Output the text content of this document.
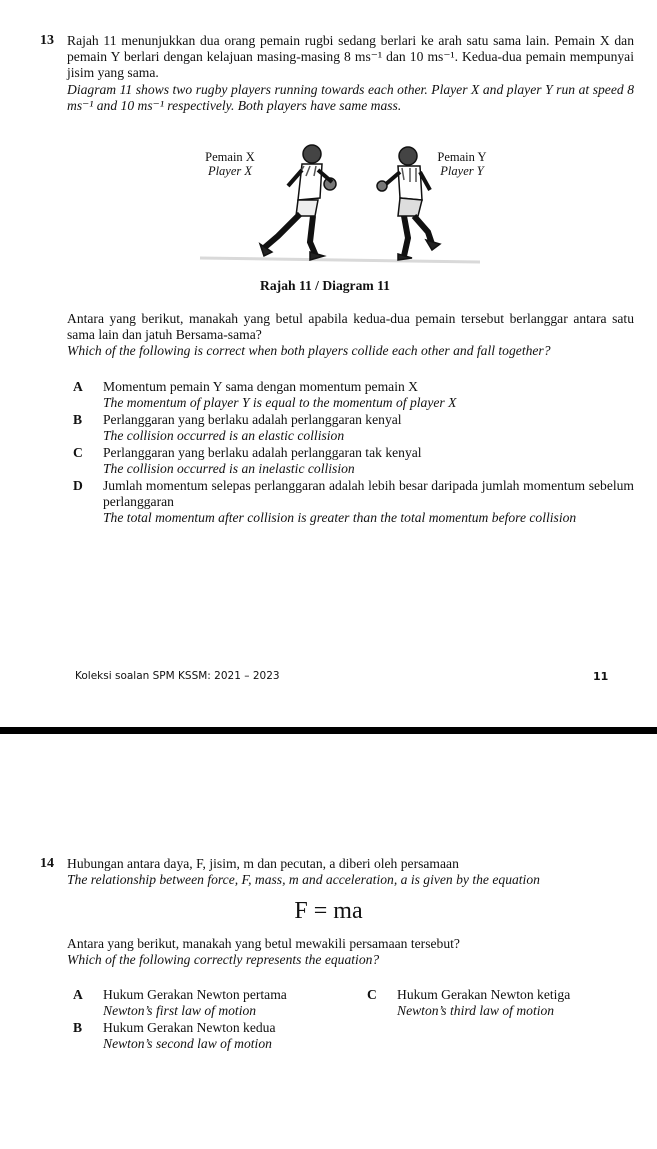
13 Rajah 11 menunjukkan dua orang pemain rugbi sedang berlari ke arah satu sama lain. Pemain X dan pemain Y berlari dengan kelajuan masing-masing 8 ms⁻¹ dan 10 ms⁻¹. Kedua-dua pemain mempunyai jisim yang sama.

Diagram 11 shows two rugby players running towards each other. Player X and player Y run at speed 8 ms⁻¹ and 10 ms⁻¹ respectively. Both players have same mass.

Pemain X
Player X
Pemain Y
Player Y
Rajah 11 / Diagram 11

Antara yang berikut, manakah yang betul apabila kedua-dua pemain tersebut berlanggar antara satu sama lain dan jatuh Bersama-sama?

Which of the following is correct when both players collide each other and fall together?

A Momentum pemain Y sama dengan momentum pemain X
The momentum of player Y is equal to the momentum of player X
B Perlanggaran yang berlaku adalah perlanggaran kenyal
The collision occurred is an elastic collision
C Perlanggaran yang berlaku adalah perlanggaran tak kenyal
The collision occurred is an inelastic collision
D Jumlah momentum selepas perlanggaran adalah lebih besar daripada jumlah momentum sebelum perlanggaran
The total momentum after collision is greater than the total momentum before collision
Koleksi soalan SPM KSSM: 2021 – 2023	11
14 Hubungan antara daya, F, jisim, m dan pecutan, a diberi oleh persamaan

The relationship between force, F, mass, m and acceleration, a is given by the equation

F = ma

Antara yang berikut, manakah yang betul mewakili persamaan tersebut?

Which of the following correctly represents the equation?

A Hukum Gerakan Newton pertama
Newton’s first law of motion
B Hukum Gerakan Newton kedua
Newton’s second law of motion
C Hukum Gerakan Newton ketiga
Newton’s third law of motion
